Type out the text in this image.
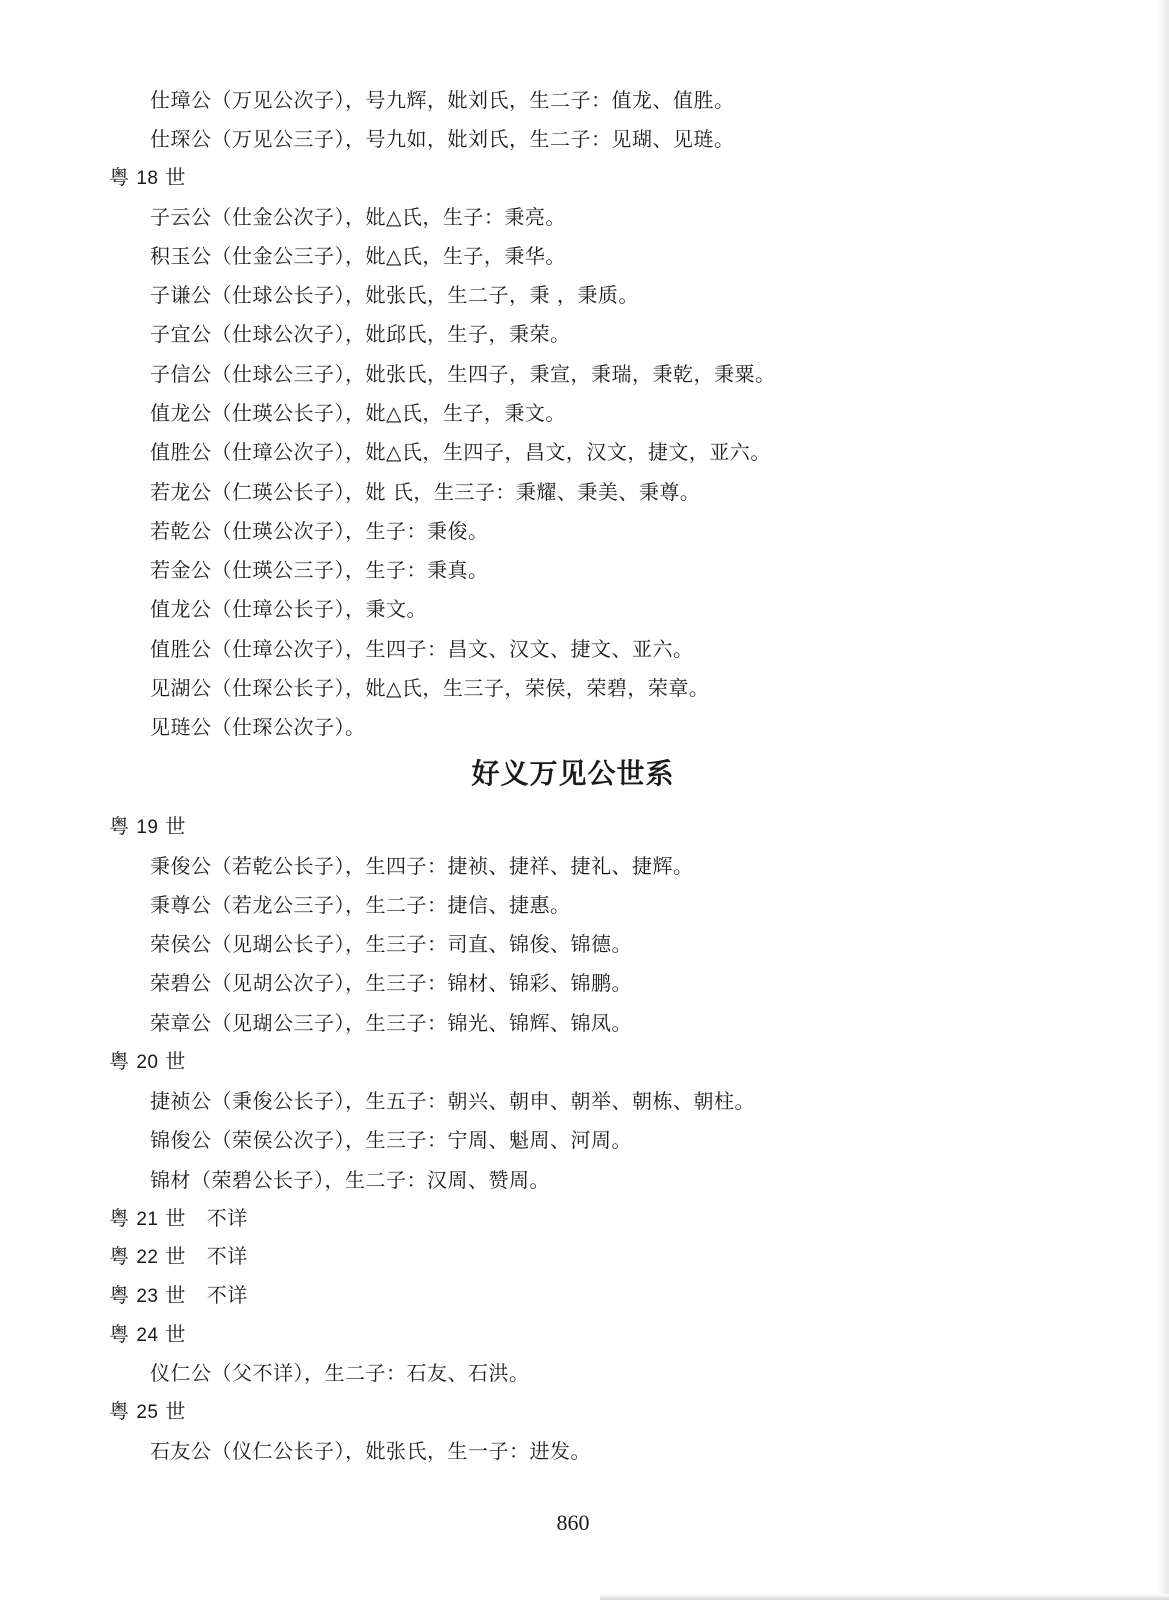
仕璋公（万见公次子），号九辉，妣刘氏，生二子：值龙、值胜。
仕琛公（万见公三子），号九如，妣刘氏，生二子：见瑚、见琏。
粤 18 世
子云公（仕金公次子），妣△氏，生子：秉亮。
积玉公（仕金公三子），妣△氏，生子，秉华。
子谦公（仕球公长子），妣张氏，生二子，秉 ，秉质。
子宜公（仕球公次子），妣邱氏，生子，秉荣。
子信公（仕球公三子），妣张氏，生四子，秉宣，秉瑞，秉乾，秉粟。
值龙公（仕瑛公长子），妣△氏，生子，秉文。
值胜公（仕璋公次子），妣△氏，生四子，昌文，汉文，捷文，亚六。
若龙公（仁瑛公长子），妣 氏，生三子：秉耀、秉美、秉尊。
若乾公（仕瑛公次子），生子：秉俊。
若金公（仕瑛公三子），生子：秉真。
值龙公（仕璋公长子），秉文。
值胜公（仕璋公次子），生四子：昌文、汉文、捷文、亚六。
见湖公（仕琛公长子），妣△氏，生三子，荣侯，荣碧，荣章。
见琏公（仕琛公次子）。
好义万见公世系
粤 19 世
秉俊公（若乾公长子），生四子：捷祯、捷祥、捷礼、捷辉。
秉尊公（若龙公三子），生二子：捷信、捷惠。
荣侯公（见瑚公长子），生三子：司直、锦俊、锦德。
荣碧公（见胡公次子），生三子：锦材、锦彩、锦鹏。
荣章公（见瑚公三子），生三子：锦光、锦辉、锦凤。
粤 20 世
捷祯公（秉俊公长子），生五子：朝兴、朝申、朝举、朝栋、朝柱。
锦俊公（荣侯公次子），生三子：宁周、魁周、河周。
锦材（荣碧公长子），生二子：汉周、赞周。
粤 21 世 不详
粤 22 世 不详
粤 23 世 不详
粤 24 世
仪仁公（父不详），生二子：石友、石洪。
粤 25 世
石友公（仪仁公长子），妣张氏，生一子：进发。
860
